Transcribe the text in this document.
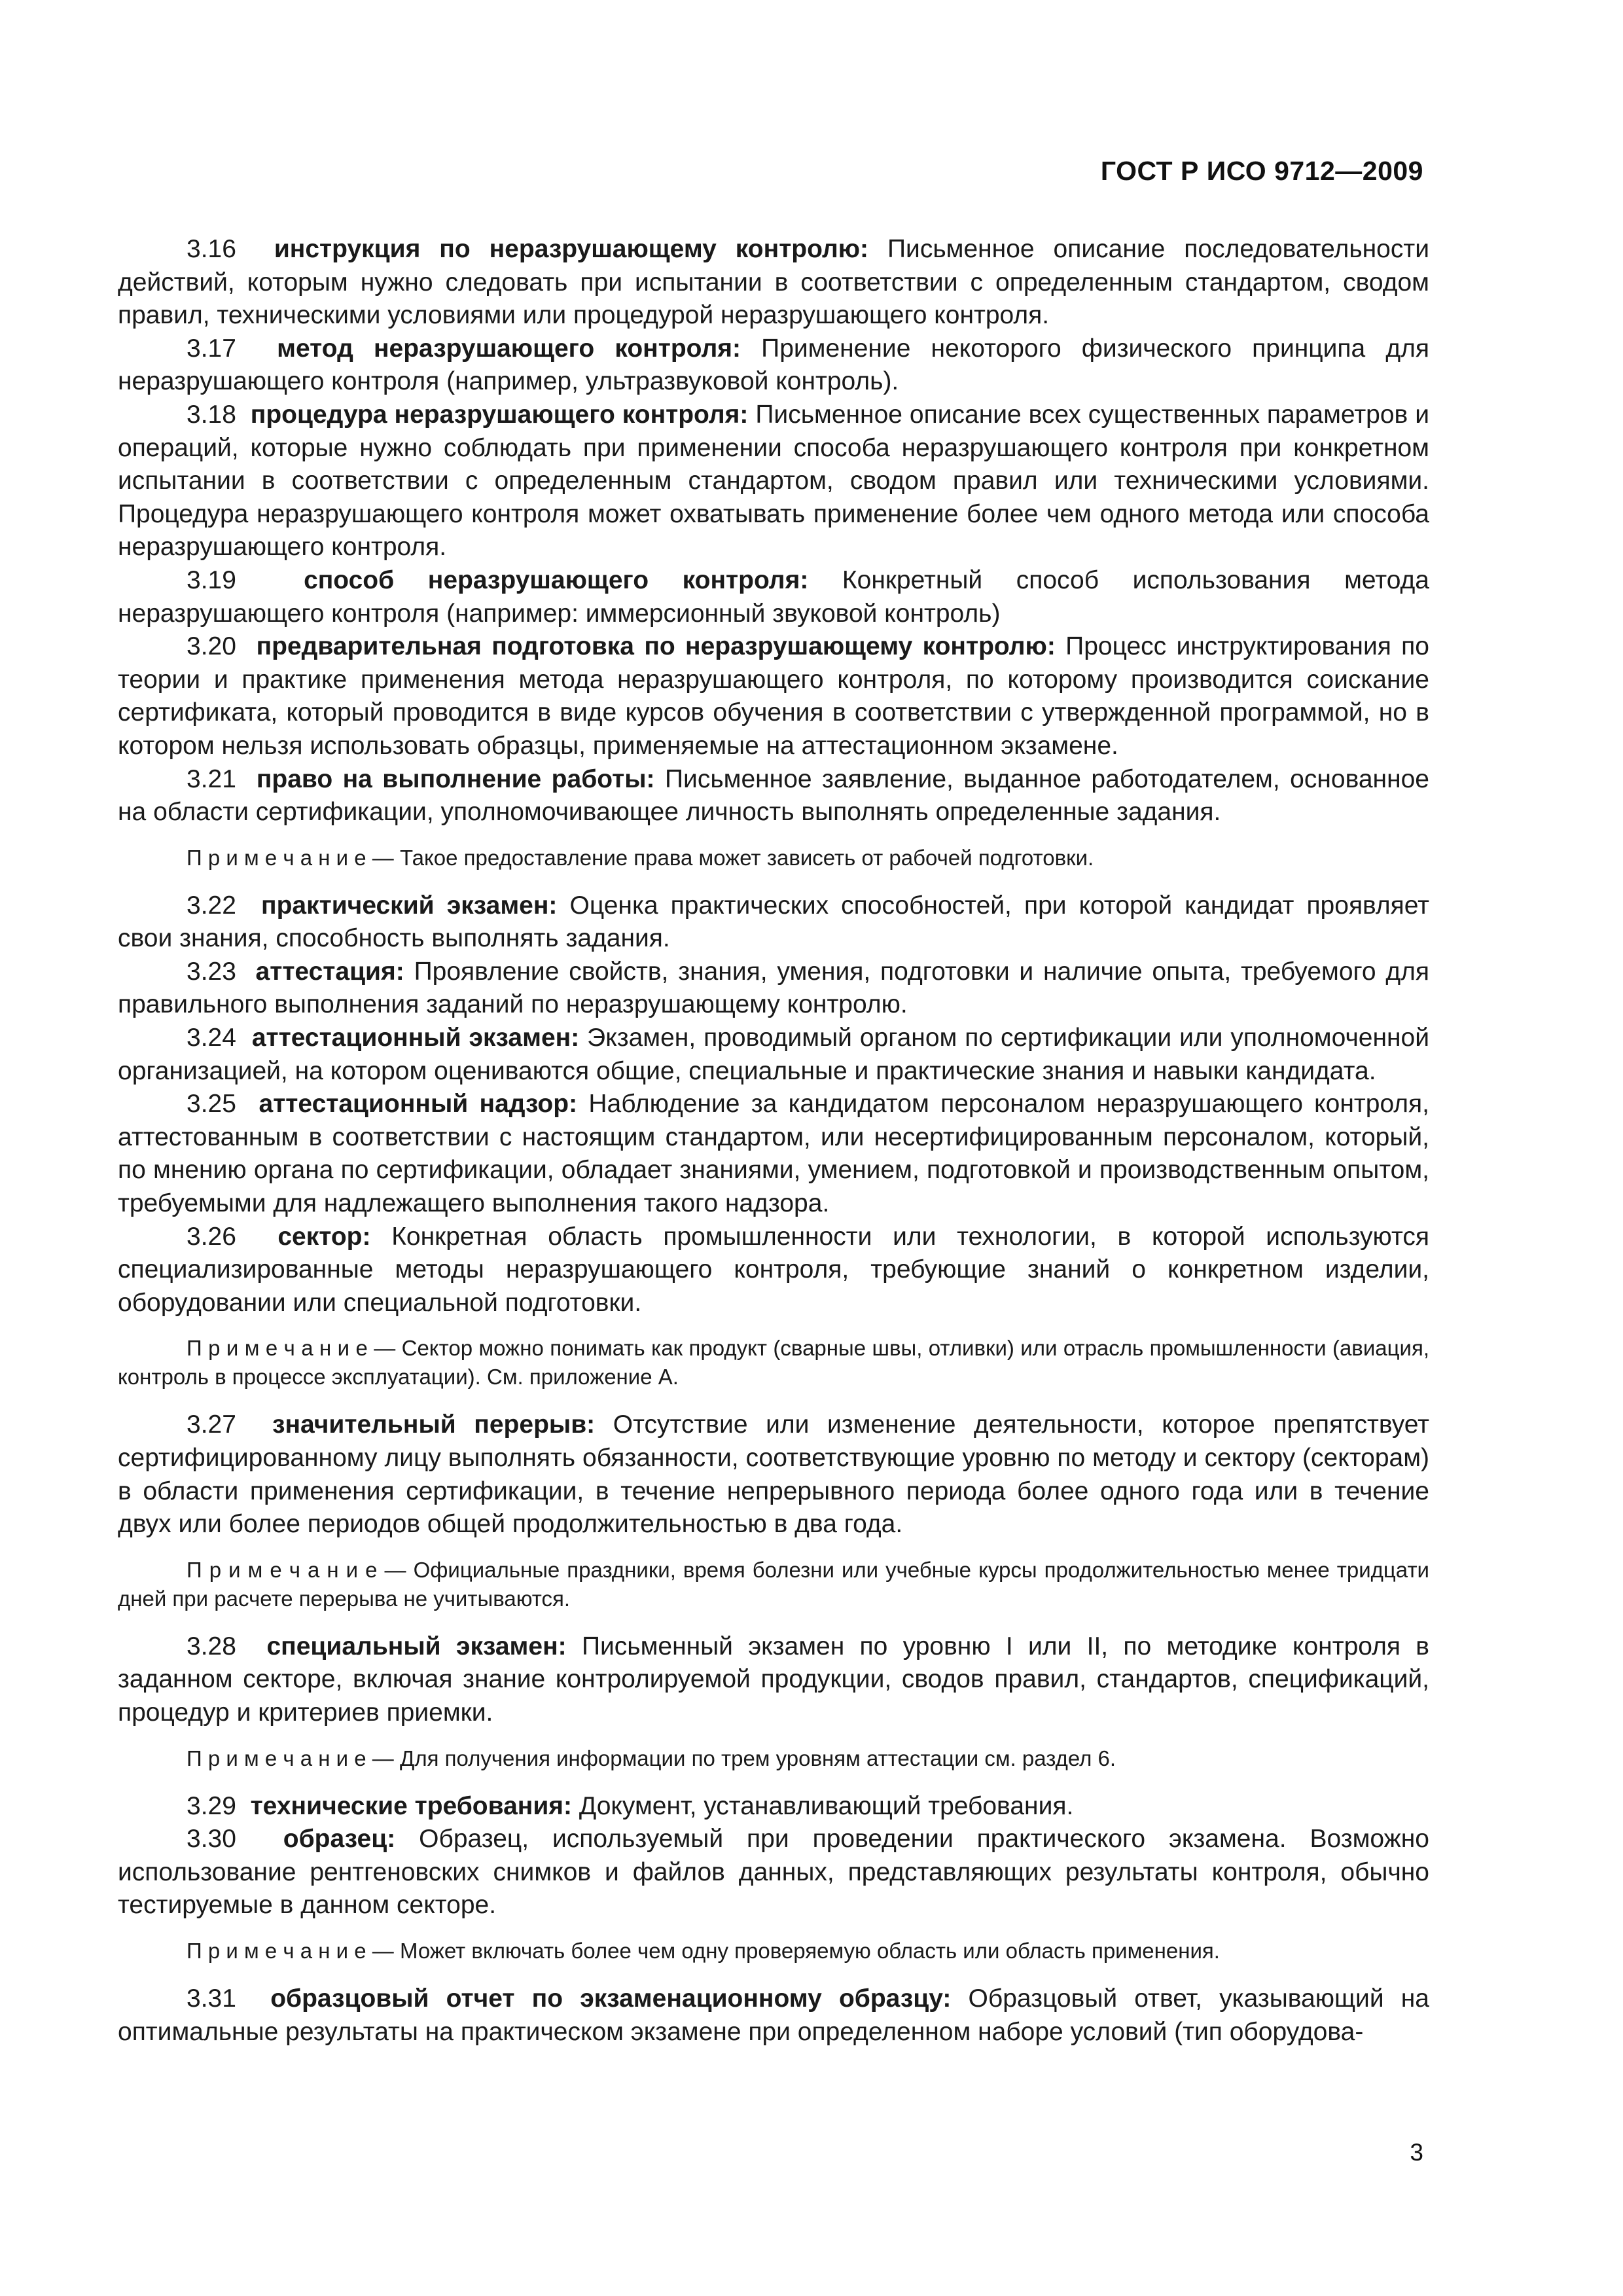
ГОСТ Р ИСО 9712—2009

3.16 инструкция по неразрушающему контролю: Письменное описание последовательности действий, которым нужно следовать при испытании в соответствии с определенным стандартом, сводом правил, техническими условиями или процедурой неразрушающего контроля.

3.17 метод неразрушающего контроля: Применение некоторого физического принципа для неразрушающего контроля (например, ультразвуковой контроль).

3.18 процедура неразрушающего контроля: Письменное описание всех существенных параметров и операций, которые нужно соблюдать при применении способа неразрушающего контроля при конкретном испытании в соответствии с определенным стандартом, сводом правил или техническими условиями. Процедура неразрушающего контроля может охватывать применение более чем одного метода или способа неразрушающего контроля.

3.19	способ неразрушающего контроля: Конкретный способ использования метода неразрушающего контроля (например: иммерсионный звуковой контроль)

3.20 предварительная подготовка по неразрушающему контролю: Процесс инструктирования по теории и практике применения метода неразрушающего контроля, по которому производится соискание сертификата, который проводится в виде курсов обучения в соответствии с утвержденной программой, но в котором нельзя использовать образцы, применяемые на аттестационном экзамене.

3.21 право на выполнение работы: Письменное заявление, выданное работодателем, основанное на области сертификации, уполномочивающее личность выполнять определенные задания.

П р и м е ч а н и е — Такое предоставление права может зависеть от рабочей подготовки.

3.22 практический экзамен: Оценка практических способностей, при которой кандидат проявляет свои знания, способность выполнять задания.

3.23 аттестация: Проявление свойств, знания, умения, подготовки и наличие опыта, требуемого для правильного выполнения заданий по неразрушающему контролю.

3.24 аттестационный экзамен: Экзамен, проводимый органом по сертификации или уполномоченной организацией, на котором оцениваются общие, специальные и практические знания и навыки кандидата.

3.25 аттестационный надзор: Наблюдение за кандидатом персоналом неразрушающего контроля, аттестованным в соответствии с настоящим стандартом, или несертифицированным персоналом, который, по мнению органа по сертификации, обладает знаниями, умением, подготовкой и производственным опытом, требуемыми для надлежащего выполнения такого надзора.

3.26 сектор: Конкретная область промышленности или технологии, в которой используются специализированные методы неразрушающего контроля, требующие знаний о конкретном изделии, оборудовании или специальной подготовки.

П р и м е ч а н и е — Сектор можно понимать как продукт (сварные швы, отливки) или отрасль промышленности (авиация, контроль в процессе эксплуатации). См. приложение А.

3.27 значительный перерыв: Отсутствие или изменение деятельности, которое препятствует сертифицированному лицу выполнять обязанности, соответствующие уровню по методу и сектору (секторам) в области применения сертификации, в течение непрерывного периода более одного года или в течение двух или более периодов общей продолжительностью в два года.

П р и м е ч а н и е — Официальные праздники, время болезни или учебные курсы продолжительностью менее тридцати дней при расчете перерыва не учитываются.

3.28 специальный экзамен: Письменный экзамен по уровню I или II, по методике контроля в заданном секторе, включая знание контролируемой продукции, сводов правил, стандартов, спецификаций, процедур и критериев приемки.

П р и м е ч а н и е — Для получения информации по трем уровням аттестации см. раздел 6.

3.29 технические требования: Документ, устанавливающий требования.

3.30 образец: Образец, используемый при проведении практического экзамена. Возможно использование рентгеновских снимков и файлов данных, представляющих результаты контроля, обычно тестируемые в данном секторе.

П р и м е ч а н и е — Может включать более чем одну проверяемую область или область применения.

3.31 образцовый отчет по экзаменационному образцу: Образцовый ответ, указывающий на оптимальные результаты на практическом экзамене при определенном наборе условий (тип оборудова-

3
